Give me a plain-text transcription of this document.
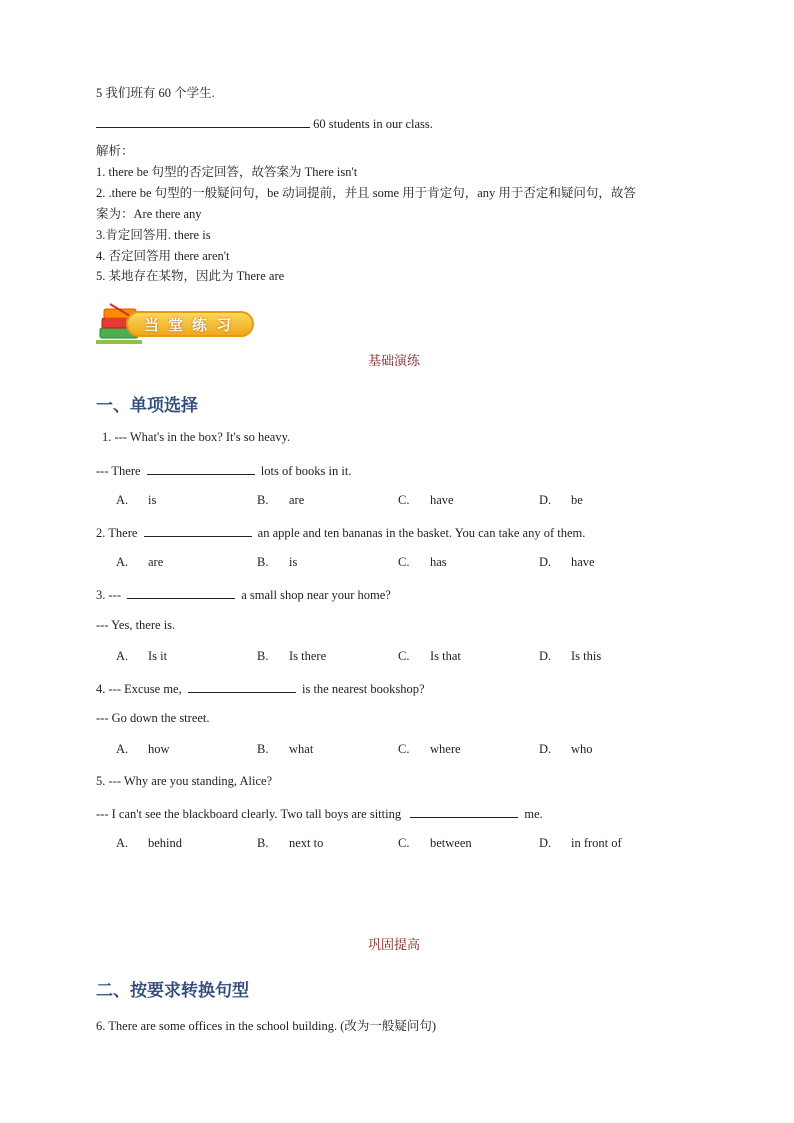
5 我们班有 60 个学生.
60 students in our class.
解析：
1. there be 句型的否定回答，故答案为 There isn't
2. .there be 句型的一般疑问句，be 动词提前，并且 some 用于肯定句，any 用于否定和疑问句，故答
案为：Are there any
3.肯定回答用. there is
4. 否定回答用 there aren't
5. 某地存在某物，因此为 There are
当堂练习
基础演练
一、单项选择
1. --- What's in the box? It's so heavy.
--- There	lots of books in it.
A. is	B. are	C. have	D. be
2. There	an apple and ten bananas in the basket. You can take any of them.
A. are	B. is	C. has	D. have
3. ---	a small shop near your home?
--- Yes, there is.
A. Is it	B. Is there	C. Is that	D. Is this
4. --- Excuse me,	is the nearest bookshop?
--- Go down the street.
A. how	B. what	C. where	D. who
5. --- Why are you standing, Alice?
--- I can't see the blackboard clearly. Two tall boys are sitting	me.
A. behind	B. next to	C. between	D. in front of
巩固提高
二、按要求转换句型
6. There are some offices in the school building. (改为一般疑问句)
